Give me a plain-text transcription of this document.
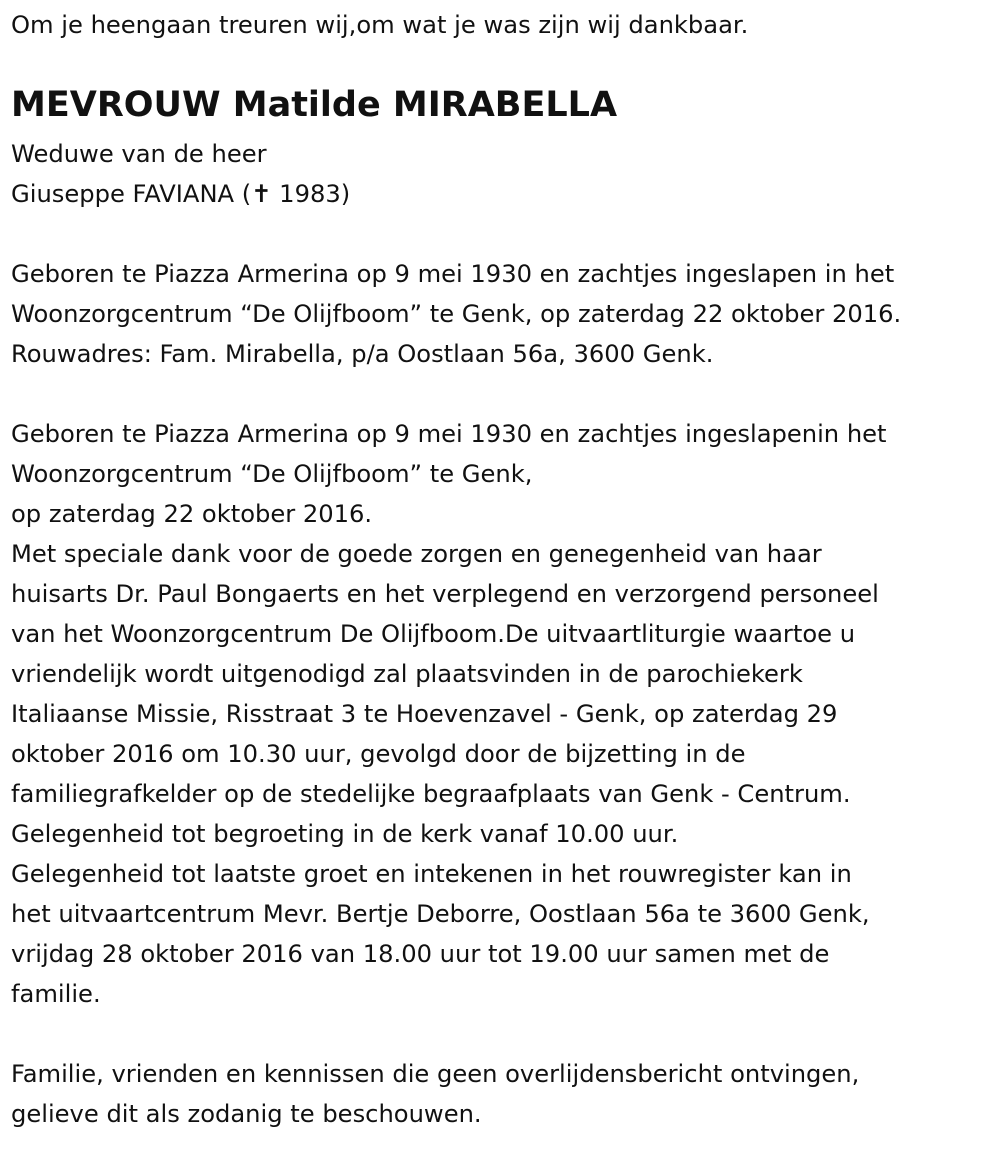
Om je heengaan treuren wij,om wat je was zijn wij dankbaar.
MEVROUW Matilde MIRABELLA
Weduwe van de heer
Giuseppe FAVIANA (✝ 1983)
Geboren te Piazza Armerina op 9 mei 1930 en zachtjes ingeslapen in het
Woonzorgcentrum “De Olijfboom” te Genk, op zaterdag 22 oktober 2016.
Rouwadres: Fam. Mirabella, p/a Oostlaan 56a, 3600 Genk.
Geboren te Piazza Armerina op 9 mei 1930 en zachtjes ingeslapenin het
Woonzorgcentrum “De Olijfboom” te Genk,
op zaterdag 22 oktober 2016.
Met speciale dank voor de goede zorgen en genegenheid van haar
huisarts Dr. Paul Bongaerts en het verplegend en verzorgend personeel
van het Woonzorgcentrum De Olijfboom.De uitvaartliturgie waartoe u
vriendelijk wordt uitgenodigd zal plaatsvinden in de parochiekerk
Italiaanse Missie, Risstraat 3 te Hoevenzavel - Genk, op zaterdag 29
oktober 2016 om 10.30 uur, gevolgd door de bijzetting in de
familiegrafkelder op de stedelijke begraafplaats van Genk - Centrum.
Gelegenheid tot begroeting in de kerk vanaf 10.00 uur.
Gelegenheid tot laatste groet en intekenen in het rouwregister kan in
het uitvaartcentrum Mevr. Bertje Deborre, Oostlaan 56a te 3600 Genk,
vrijdag 28 oktober 2016 van 18.00 uur tot 19.00 uur samen met de
familie.
Familie, vrienden en kennissen die geen overlijdensbericht ontvingen,
gelieve dit als zodanig te beschouwen.
